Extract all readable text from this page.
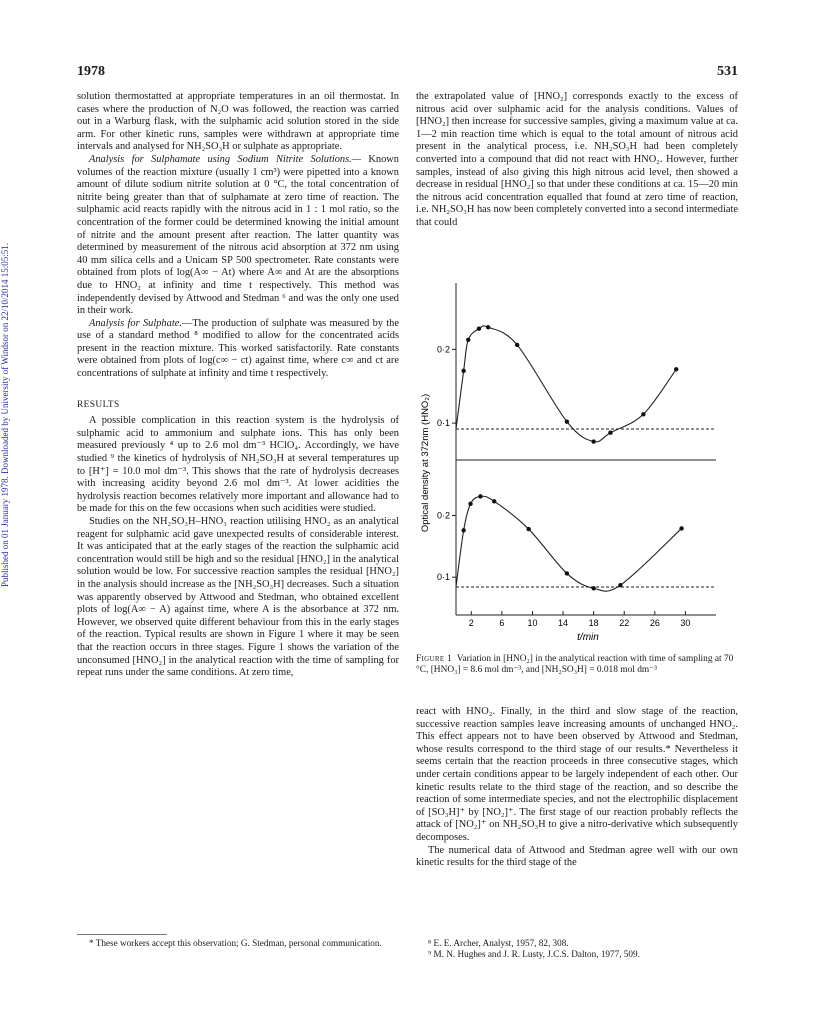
1978	531
Published on 01 January 1978. Downloaded by University of Windsor on 22/10/2014 15:05:51.

solution thermostatted at appropriate temperatures in an oil thermostat. In cases where the production of N₂O was followed, the reaction was carried out in a Warburg flask, with the sulphamic acid solution stored in the side arm. For other kinetic runs, samples were withdrawn at appropriate time intervals and analysed for NH₂SO₃H or sulphate as appropriate.

Analysis for Sulphamate using Sodium Nitrite Solutions.— Known volumes of the reaction mixture (usually 1 cm³) were pipetted into a known amount of dilute sodium nitrite solution at 0 °C, the total concentration of nitrite being greater than that of sulphamate at zero time of reaction. The sulphamic acid reacts rapidly with the nitrous acid in 1 : 1 mol ratio, so the concentration of the former could be determined knowing the initial amount of nitrite and the amount present after reaction. The latter quantity was determined by measurement of the nitrous acid absorption at 372 nm using 40 mm silica cells and a Unicam SP 500 spectrometer. Rate constants were obtained from plots of log(A∞ − At) where A∞ and At are the absorptions due to HNO₂ at infinity and time t respectively. This method was independently devised by Attwood and Stedman ⁶ and was the only one used in their work.

Analysis for Sulphate.—The production of sulphate was measured by the use of a standard method ⁸ modified to allow for the concentrated acids present in the reaction mixture. This worked satisfactorily. Rate constants were obtained from plots of log(c∞ − ct) against time, where c∞ and ct are concentrations of sulphate at infinity and time t respectively.

RESULTS

A possible complication in this reaction system is the hydrolysis of sulphamic acid to ammonium and sulphate ions. This has only been measured previously ⁴ up to 2.6 mol dm⁻³ HClO₄. Accordingly, we have studied ⁹ the kinetics of hydrolysis of NH₂SO₃H at several temperatures up to [H⁺] = 10.0 mol dm⁻³. This shows that the rate of hydrolysis decreases with increasing acidity beyond 2.6 mol dm⁻³. At lower acidities the hydrolysis reaction becomes relatively more important and allowance had to be made for this on the few occasions when such acidities were studied.

Studies on the NH₂SO₃H–HNO₃ reaction utilising HNO₂ as an analytical reagent for sulphamic acid gave unexpected results of considerable interest. It was anticipated that at the early stages of the reaction the sulphamic acid concentration would still be high and so the residual [HNO₂] in the analytical solution would be low. For successive reaction samples the residual [HNO₂] in the analysis should increase as the [NH₂SO₃H] decreases. Such a situation was apparently observed by Attwood and Stedman, who obtained excellent plots of log(A∞ − A) against time, where A is the absorbance at 372 nm. However, we observed quite different behaviour from this in the early stages of the reaction. Typical results are shown in Figure 1 where it may be seen that the reaction occurs in three stages. Figure 1 shows the variation of the unconsumed [HNO₂] in the analytical reaction with the time of sampling for repeat runs under the same conditions. At zero time,

the extrapolated value of [HNO₂] corresponds exactly to the excess of nitrous acid over sulphamic acid for the analysis conditions. Values of [HNO₂] then increase for successive samples, giving a maximum value at ca. 1—2 min reaction time which is equal to the total amount of nitrous acid present in the analytical process, i.e. NH₂SO₃H had been completely converted into a compound that did not react with HNO₂. However, further samples, instead of also giving this high nitrous acid level, then showed a decrease in residual [HNO₂] so that under these conditions at ca. 15—20 min the nitrous acid concentration equalled that found at zero time of reaction, i.e. NH₂SO₃H has now been completely converted into a second intermediate that could

Optical density at 372nm (HNO₂)
2	6	10 14 18 22 26 30
0·2
0·1
0·2
0·1
t/min
Figure 1 Variation in [HNO₂] in the analytical reaction with time of sampling at 70 °C, [HNO₃] = 8.6 mol dm⁻³, and [NH₂SO₃H] = 0.018 mol dm⁻³

react with HNO₂. Finally, in the third and slow stage of the reaction, successive reaction samples leave increasing amounts of unchanged HNO₂. This effect appears not to have been observed by Attwood and Stedman, whose results correspond to the third stage of our results.* Nevertheless it seems certain that the reaction proceeds in three consecutive stages, which under certain conditions appear to be largely independent of each other. Our kinetic results relate to the third stage of the reaction, and so describe the reaction of some intermediate species, and not the electrophilic displacement of [SO₃H]⁺ by [NO₂]⁺. The first stage of our reaction probably reflects the attack of [NO₂]⁺ on NH₂SO₃H to give a nitro-derivative which subsequently decomposes.

The numerical data of Attwood and Stedman agree well with our own kinetic results for the third stage of the

* These workers accept this observation; G. Stedman, personal communication.	⁸ E. E. Archer, Analyst, 1957, 82, 308.

⁹ M. N. Hughes and J. R. Lusty, J.C.S. Dalton, 1977, 509.
